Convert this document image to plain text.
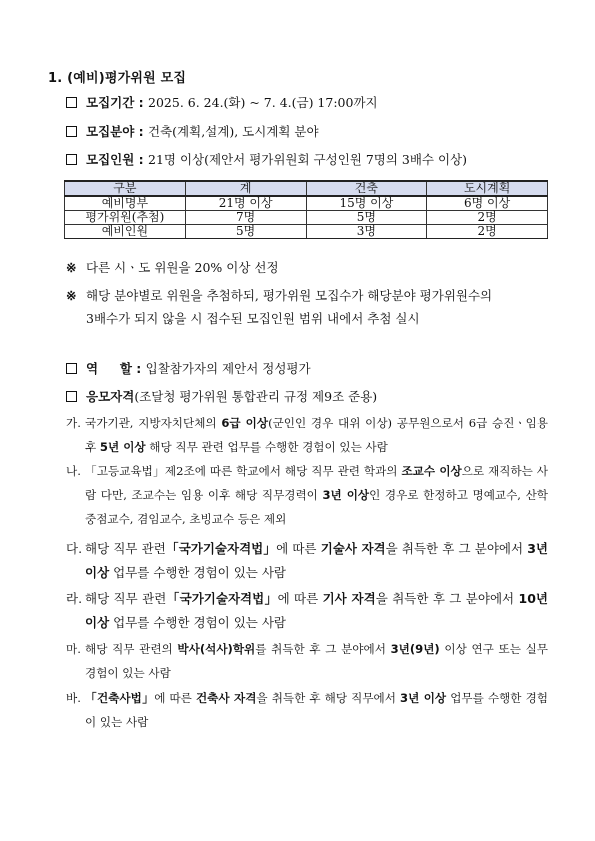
1. (예비)평가위원 모집
모집기간 : 2025. 6. 24.(화) ~ 7. 4.(금) 17:00까지
모집분야 : 건축(계획,설계), 도시계획 분야
모집인원 : 21명 이상(제안서 평가위원회 구성인원 7명의 3배수 이상)
구분	계	건축	도시계획
예비명부	21명 이상	15명 이상	6명 이상
평가위원(추첨)	7명	5명	2명
예비인원	5명	3명	2명
※ 다른 시ㆍ도 위원을 20% 이상 선정
※ 해당 분야별로 위원을 추첨하되, 평가위원 모집수가 해당분야 평가위원수의
3배수가 되지 않을 시 접수된 모집인원 범위 내에서 추첨 실시
역     할 : 입찰참가자의 제안서 정성평가
응모자격 (조달청 평가위원 통합관리 규정 제9조 준용)
가. 국가기관, 지방자치단체의 6급 이상(군인인 경우 대위 이상) 공무원으로서 6급 승진ㆍ임용 후 5년 이상 해당 직무 관련 업무를 수행한 경험이 있는 사람
나. 「고등교육법」제2조에 따른 학교에서 해당 직무 관련 학과의 조교수 이상으로 재직하는 사람 다만, 조교수는 임용 이후 해당 직무경력이 3년 이상인 경우로 한정하고 명예교수, 산학중점교수, 겸임교수, 초빙교수 등은 제외
다. 해당 직무 관련「국가기술자격법」에 따른 기술사 자격을 취득한 후 그 분야에서 3년 이상 업무를 수행한 경험이 있는 사람
라. 해당 직무 관련「국가기술자격법」에 따른 기사 자격을 취득한 후 그 분야에서 10년 이상 업무를 수행한 경험이 있는 사람
마. 해당 직무 관련의 박사(석사)학위를 취득한 후 그 분야에서 3년(9년) 이상 연구 또는 실무 경험이 있는 사람
바. 「건축사법」에 따른 건축사 자격을 취득한 후 해당 직무에서 3년 이상 업무를 수행한 경험이 있는 사람
